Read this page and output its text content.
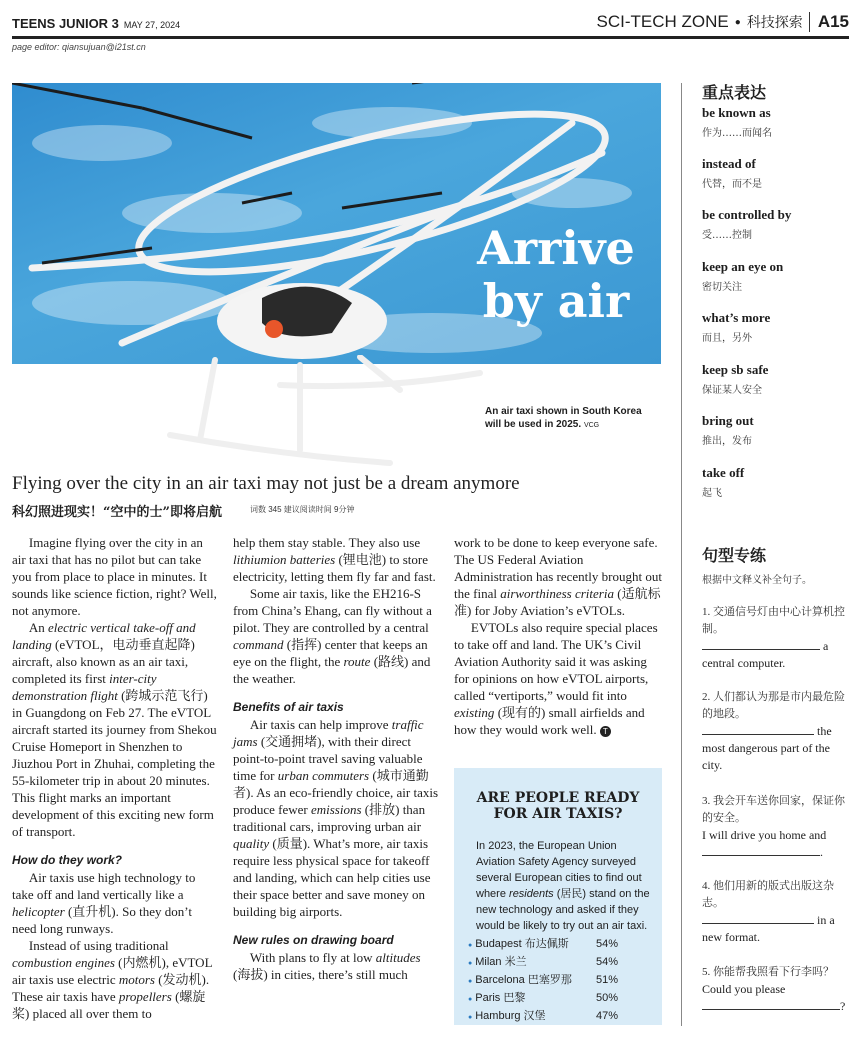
TEENS JUNIOR 3 MAY 27, 2024	SCI-TECH ZONE ● 科技探索 A15
page editor: qiansujuan@i21st.cn
Arrive
by air
An air taxi shown in South Korea will be used in 2025. VCG
Flying over the city in an air taxi may not just be a dream anymore
科幻照进现实！“空中的士”即将启航	词数 345 建议阅读时间 9分钟

Imagine flying over the city in an air taxi that has no pilot but can take you from place to place in minutes. It sounds like science fiction, right? Well, not anymore.

An electric vertical take-off and landing (eVTOL，电动垂直起降) aircraft, also known as an air taxi, completed its first inter-city demonstration flight (跨城示范飞行) in Guangdong on Feb 27. The eVTOL aircraft started its journey from Shekou Cruise Homeport in Shenzhen to Jiuzhou Port in Zhuhai, completing the 55-kilometer trip in about 20 minutes. This flight marks an important development of this exciting new form of transport.

How do they work?

Air taxis use high technology to take off and land vertically like a helicopter (直升机). So they don’t need long runways.

Instead of using traditional combustion engines (内燃机), eVTOL air taxis use electric motors (发动机). These air taxis have propellers (螺旋桨) placed all over them to

help them stay stable. They also use lithiumion batteries (锂电池) to store electricity, letting them fly far and fast.

Some air taxis, like the EH216-S from China’s Ehang, can fly without a pilot. They are controlled by a central command (指挥) center that keeps an eye on the flight, the route (路线) and the weather.

Benefits of air taxis

Air taxis can help improve traffic jams (交通拥堵), with their direct point-to-point travel saving valuable time for urban commuters (城市通勤者). As an eco-friendly choice, air taxis produce fewer emissions (排放) than traditional cars, improving urban air quality (质量). What’s more, air taxis require less physical space for takeoff and landing, which can help cities use their space better and save money on building big airports.

New rules on drawing board

With plans to fly at low altitudes (海拔) in cities, there’s still much

work to be done to keep everyone safe. The US Federal Aviation Administration has recently brought out the final airworthiness criteria (适航标准) for Joby Aviation’s eVTOLs.

EVTOLs also require special places to take off and land. The UK’s Civil Aviation Authority said it was asking for opinions on how eVTOL airports, called “vertiports,” would fit into existing (现有的) small airfields and how they would work well. T

ARE PEOPLE READY
FOR AIR TAXIS?
In 2023, the European Union Aviation Safety Agency surveyed several European cities to find out where residents (居民) stand on the new technology and asked if they would be likely to try out an air taxi.
● Budapest 布达佩斯 54%
● Milan 米兰	54%
● Barcelona 巴塞罗那 51%
● Paris 巴黎	50%
● Hamburg 汉堡	47%
重点表达
be known as
作为……而闻名
instead of
代替，而不是
be controlled by
受……控制
keep an eye on
密切关注
what’s more
而且，另外
keep sb safe
保证某人安全
bring out
推出，发布
take off
起飞
句型专练
根据中文释义补全句子。
1. 交通信号灯由中心计算机控制。
a
central computer.
2. 人们都认为那是市内最危险的地段。
the
most dangerous part of the city.
3. 我会开车送你回家，保证你的安全。
I will drive you home and
.
4. 他们用新的版式出版这杂志。
in a
new format.
5. 你能帮我照看下行李吗？
Could you please
?
